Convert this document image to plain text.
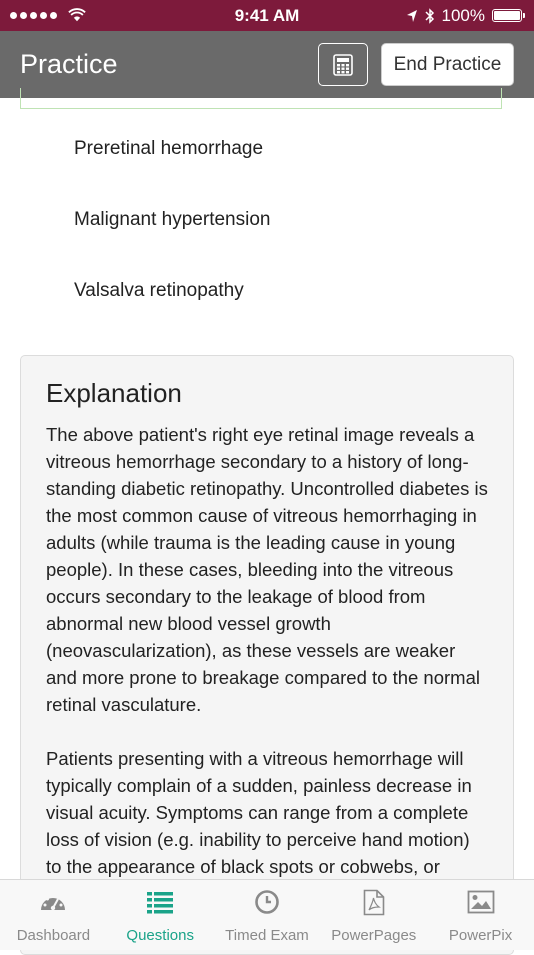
9:41 AM	100%
Practice	End Practice
Preretinal hemorrhage
Malignant hypertension
Valsalva retinopathy
Explanation

The above patient's right eye retinal image reveals a vitreous hemorrhage secondary to a history of long-standing diabetic retinopathy. Uncontrolled diabetes is the most common cause of vitreous hemorrhaging in adults (while trauma is the leading cause in young people). In these cases, bleeding into the vitreous occurs secondary to the leakage of blood from abnormal new blood vessel growth (neovascularization), as these vessels are weaker and more prone to breakage compared to the normal retinal vasculature.

Patients presenting with a vitreous hemorrhage will typically complain of a sudden, painless decrease in visual acuity. Symptoms can range from a complete loss of vision (e.g. inability to perceive hand motion) to the appearance of black spots or cobwebs, or

Dashboard	Questions	Timed Exam	PowerPages	PowerPix
